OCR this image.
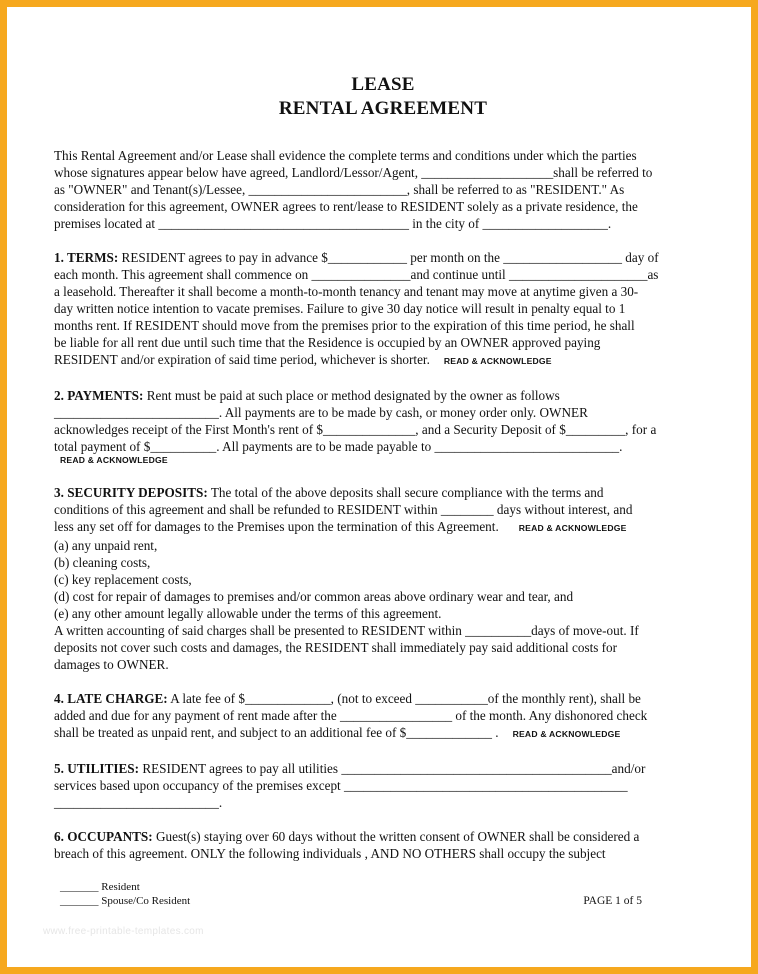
LEASE
RENTAL AGREEMENT
This Rental Agreement and/or Lease shall evidence the complete terms and conditions under which the parties
whose signatures appear below have agreed, Landlord/Lessor/Agent, ____________________shall be referred to
as "OWNER" and Tenant(s)/Lessee, ________________________, shall be referred to as "RESIDENT." As
consideration for this agreement, OWNER agrees to rent/lease to RESIDENT solely as a private residence, the
premises located at ______________________________________ in the city of ___________________.
1. TERMS: RESIDENT agrees to pay in advance $____________ per month on the __________________ day of
each month. This agreement shall commence on _______________and continue until _____________________as
a leasehold. Thereafter it shall become a month-to-month tenancy and tenant may move at anytime given a 30-
day written notice intention to vacate premises. Failure to give 30 day notice will result in penalty equal to 1
months rent. If RESIDENT should move from the premises prior to the expiration of this time period, he shall
be liable for all rent due until such time that the Residence is occupied by an OWNER approved paying
RESIDENT and/or expiration of said time period, whichever is shorter. READ & ACKNOWLEDGE
2. PAYMENTS: Rent must be paid at such place or method designated by the owner as follows
_________________________. All payments are to be made by cash, or money order only. OWNER
acknowledges receipt of the First Month's rent of $______________, and a Security Deposit of $_________, for a
total payment of $__________. All payments are to be made payable to ____________________________.
READ & ACKNOWLEDGE
3. SECURITY DEPOSITS: The total of the above deposits shall secure compliance with the terms and
conditions of this agreement and shall be refunded to RESIDENT within ________ days without interest, and
less any set off for damages to the Premises upon the termination of this Agreement. READ & ACKNOWLEDGE
(a) any unpaid rent,
(b) cleaning costs,
(c) key replacement costs,
(d) cost for repair of damages to premises and/or common areas above ordinary wear and tear, and
(e) any other amount legally allowable under the terms of this agreement.
A written accounting of said charges shall be presented to RESIDENT within __________days of move-out. If
deposits not cover such costs and damages, the RESIDENT shall immediately pay said additional costs for
damages to OWNER.
4. LATE CHARGE: A late fee of $_____________, (not to exceed ___________of the monthly rent), shall be
added and due for any payment of rent made after the _________________ of the month. Any dishonored check
shall be treated as unpaid rent, and subject to an additional fee of $_____________ . READ & ACKNOWLEDGE
5. UTILITIES: RESIDENT agrees to pay all utilities _________________________________________and/or
services based upon occupancy of the premises except ___________________________________________
_________________________.
6. OCCUPANTS: Guest(s) staying over 60 days without the written consent of OWNER shall be considered a
breach of this agreement. ONLY the following individuals , AND NO OTHERS shall occupy the subject
_______ Resident
_______ Spouse/Co Resident	PAGE 1 of 5
www.free-printable-templates.com
